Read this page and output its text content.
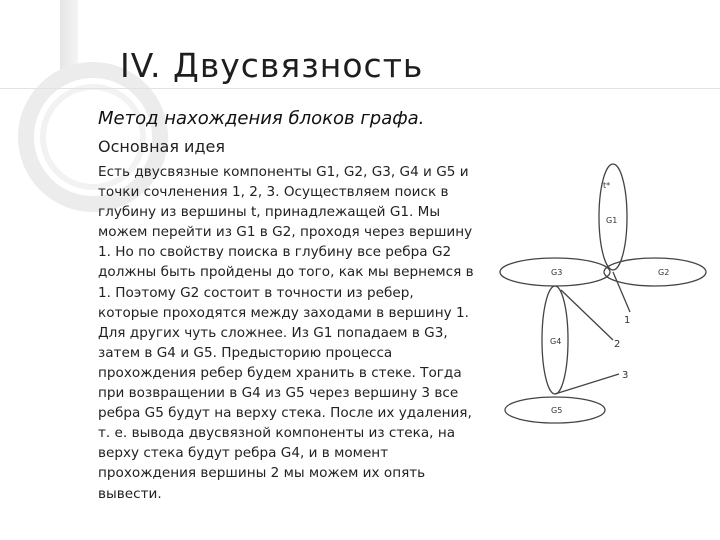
IV. Двусвязность
Метод нахождения блоков графа.
Основная идея
Есть двусвязные компоненты G1, G2, G3, G4 и G5 и
точки сочленения 1, 2, 3. Осуществляем поиск в
глубину из вершины t, принадлежащей G1. Мы
можем перейти из G1 в G2, проходя через вершину
1. Но по свойству поиска в глубину все ребра G2
должны быть пройдены до того, как мы вернемся в
1. Поэтому G2 состоит в точности из ребер,
которые проходятся между заходами в вершину 1.
Для других чуть сложнее. Из G1 попадаем в G3,
затем в G4 и G5. Предысторию процесса
прохождения ребер будем хранить в стеке. Тогда
при возвращении в G4 из G5 через вершину 3 все
ребра G5 будут на верху стека. После их удаления,
т. е. вывода двусвязной компоненты из стека, на
верху стека будут ребра G4, и в момент
прохождения вершины 2 мы можем их опять
вывести.
t*
G1
G2
G3
G4
G5
1
2
3
